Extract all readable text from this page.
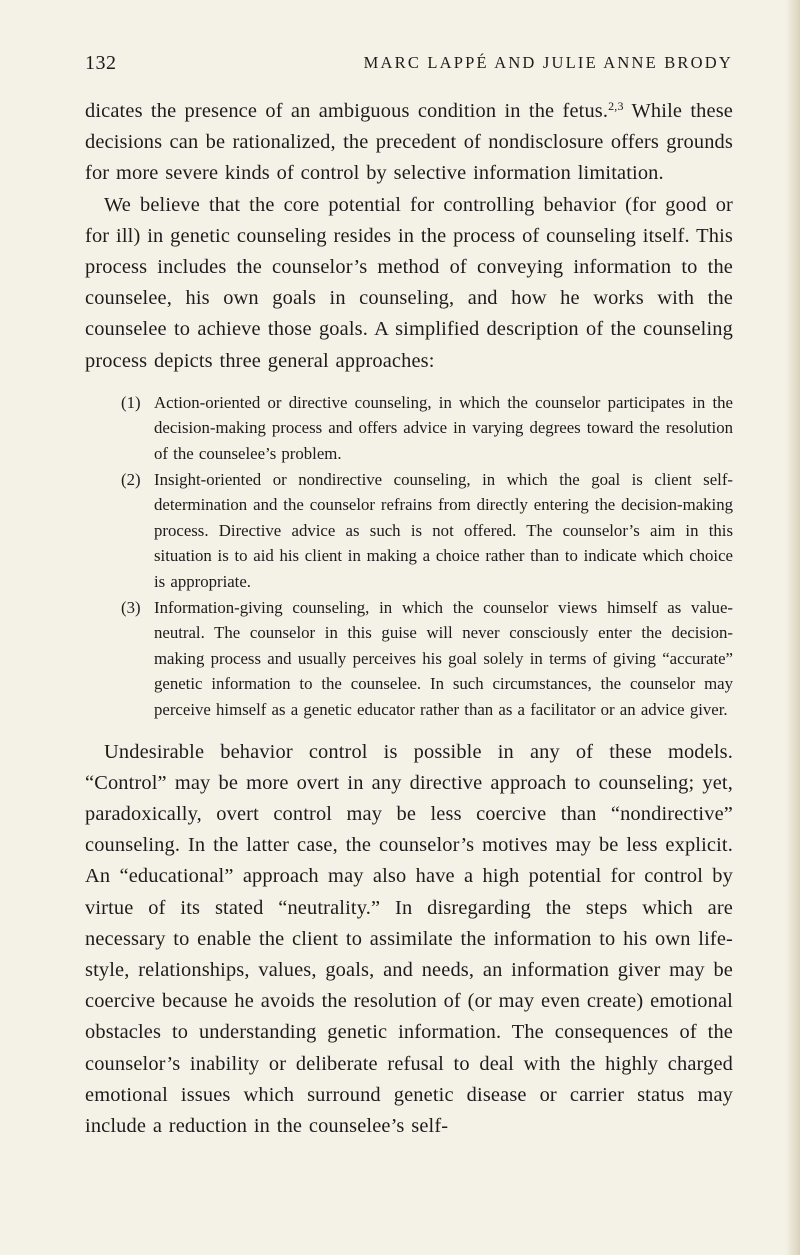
132	MARC LAPPÉ AND JULIE ANNE BRODY

dicates the presence of an ambiguous condition in the fetus.$^{2,3}$ While these decisions can be rationalized, the precedent of nondisclosure offers grounds for more severe kinds of control by selective information limitation.

We believe that the core potential for controlling behavior (for good or for ill) in genetic counseling resides in the process of counseling itself. This process includes the counselor’s method of conveying information to the counselee, his own goals in counseling, and how he works with the counselee to achieve those goals. A simplified description of the counseling process depicts three general approaches:

(1) Action-oriented or directive counseling, in which the counselor participates in the decision-making process and offers advice in varying degrees toward the resolution of the counselee’s problem.
(2) Insight-oriented or nondirective counseling, in which the goal is client self-determination and the counselor refrains from directly entering the decision-making process. Directive advice as such is not offered. The counselor’s aim in this situation is to aid his client in making a choice rather than to indicate which choice is appropriate.
(3) Information-giving counseling, in which the counselor views himself as value-neutral. The counselor in this guise will never consciously enter the decision-making process and usually perceives his goal solely in terms of giving “accurate” genetic information to the counselee. In such circumstances, the counselor may perceive himself as a genetic educator rather than as a facilitator or an advice giver.

Undesirable behavior control is possible in any of these models. “Control” may be more overt in any directive approach to counseling; yet, paradoxically, overt control may be less coercive than “nondirective” counseling. In the latter case, the counselor’s motives may be less explicit. An “educational” approach may also have a high potential for control by virtue of its stated “neutrality.” In disregarding the steps which are necessary to enable the client to assimilate the information to his own life-style, relationships, values, goals, and needs, an information giver may be coercive because he avoids the resolution of (or may even create) emotional obstacles to understanding genetic information. The consequences of the counselor’s inability or deliberate refusal to deal with the highly charged emotional issues which surround genetic disease or carrier status may include a reduction in the counselee’s self-
